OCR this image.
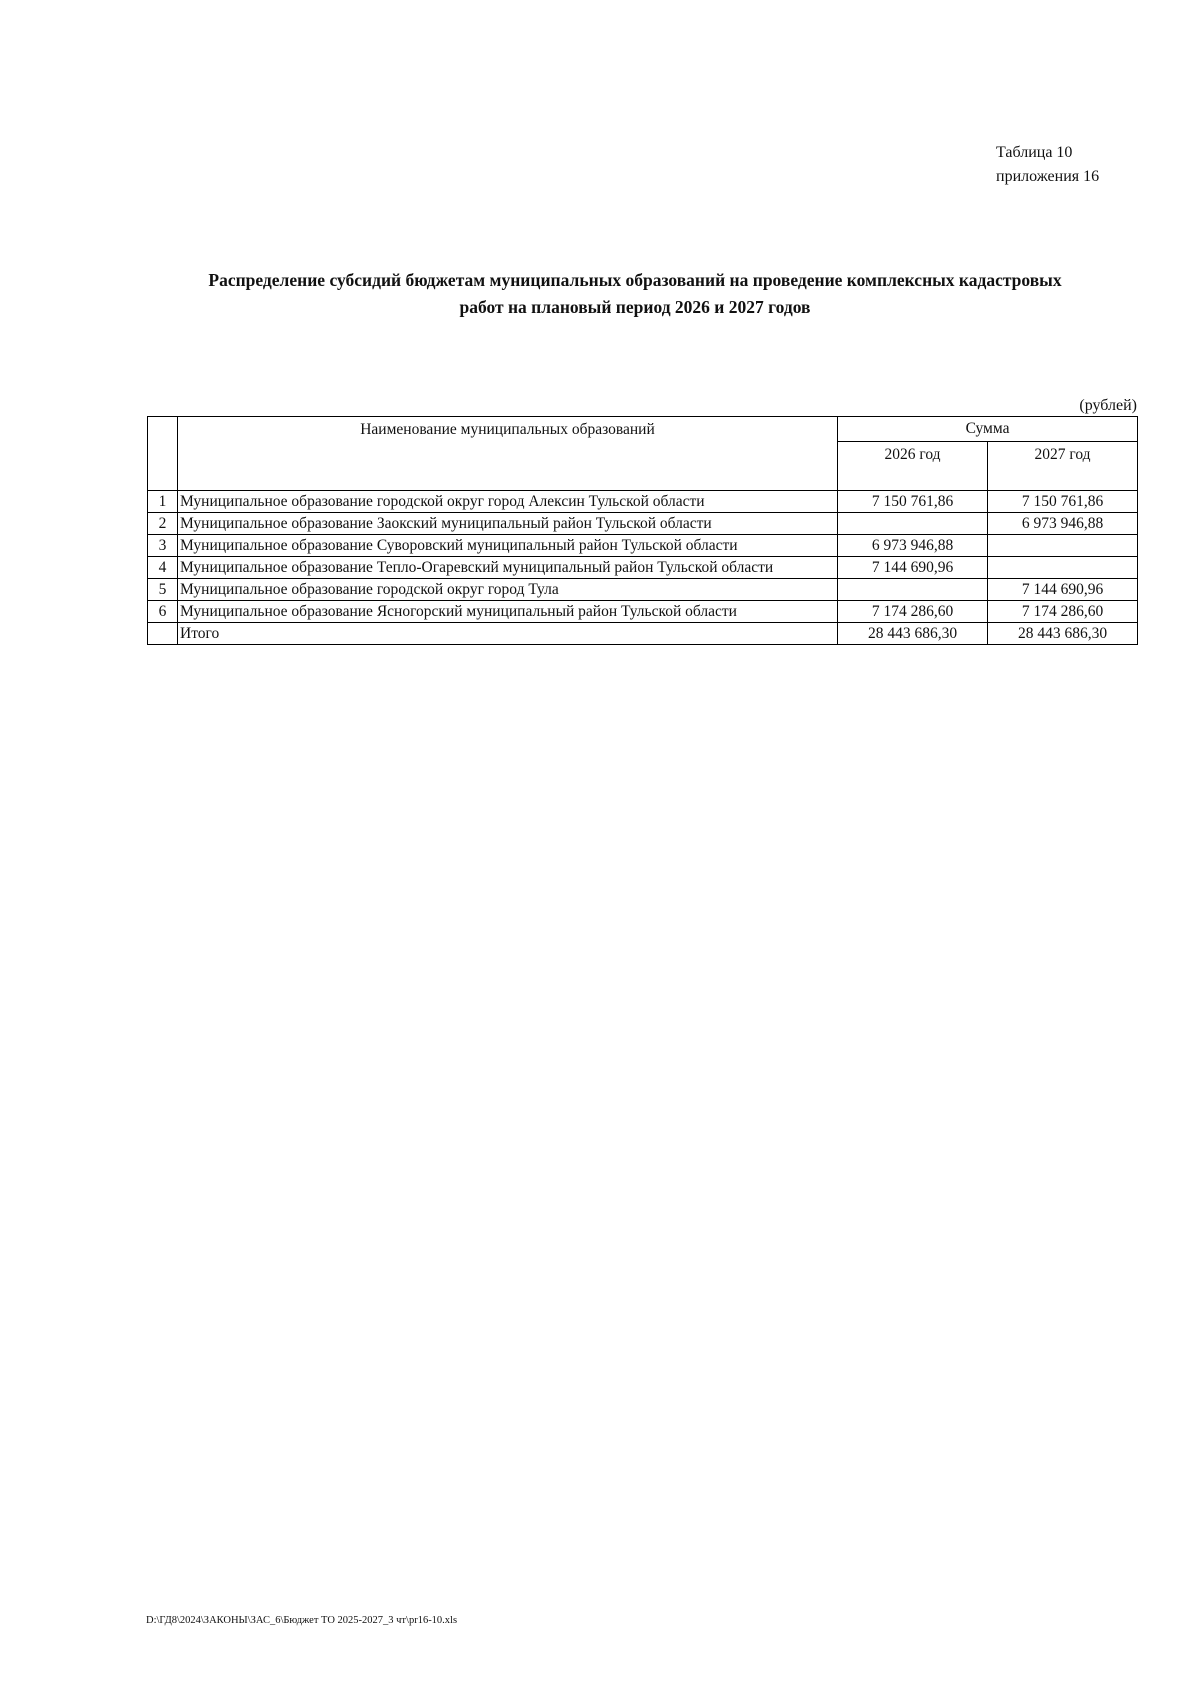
Таблица 10
приложения 16
Распределение субсидий бюджетам муниципальных образований на проведение комплексных кадастровых
работ на плановый период 2026 и 2027 годов
(рублей)
	Наименование муниципальных образований	Сумма	
		2026 год	2027 год
1	Муниципальное образование городской округ город Алексин Тульской области	7 150 761,86	7 150 761,86
2	Муниципальное образование Заокский муниципальный район Тульской области		6 973 946,88
3	Муниципальное образование Суворовский муниципальный район Тульской области	6 973 946,88	
4	Муниципальное образование Тепло-Огаревский муниципальный район Тульской области	7 144 690,96	
5	Муниципальное образование городской округ город Тула		7 144 690,96
6	Муниципальное образование Ясногорский муниципальный район Тульской области	7 174 286,60	7 174 286,60
	Итого	28 443 686,30	28 443 686,30
D:\ГД8\2024\ЗАКОНЫ\ЗАС_6\Бюджет ТО 2025-2027_3 чт\pr16-10.xls
